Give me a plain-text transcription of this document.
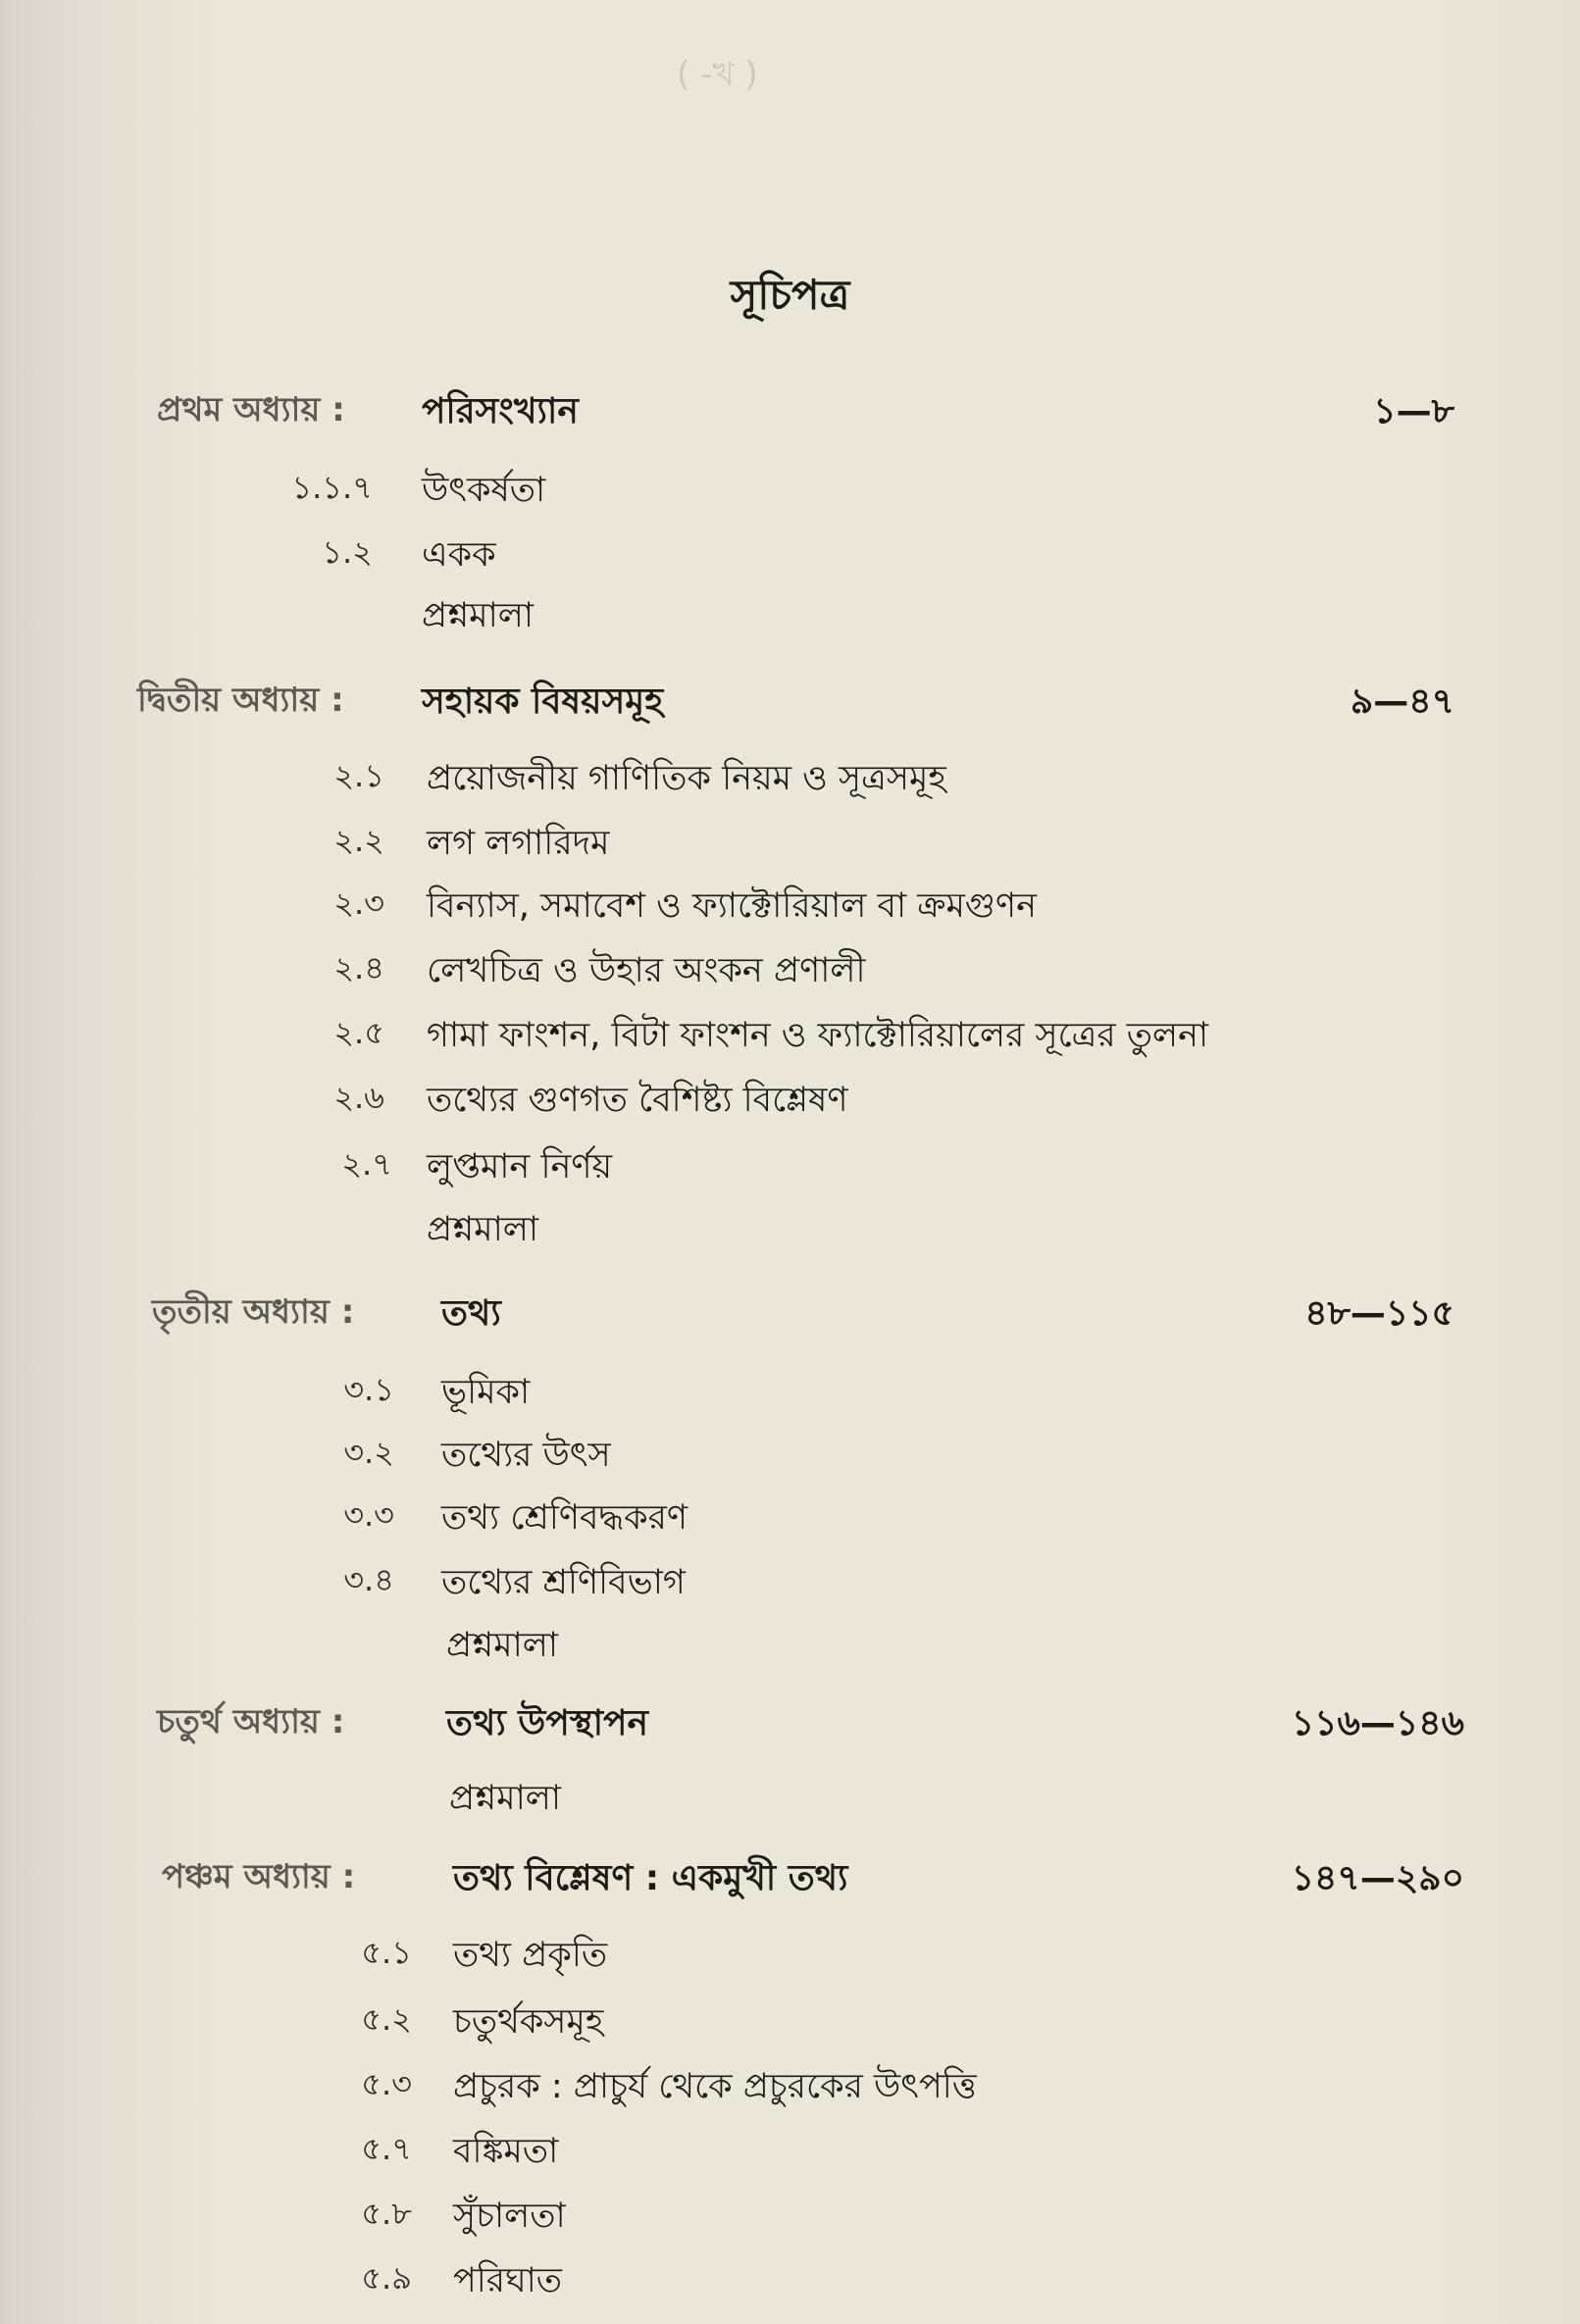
( -খ )
সূচিপত্র
প্রথম অধ্যায় : পরিসংখ্যান	১—৮
১.১.৭ উৎকর্ষতা
১.২ একক
প্রশ্নমালা
দ্বিতীয় অধ্যায় : সহায়ক বিষয়সমূহ	৯—৪৭
২.১ প্রয়োজনীয় গাণিতিক নিয়ম ও সূত্রসমূহ
২.২ লগ লগারিদম
২.৩ বিন্যাস, সমাবেশ ও ফ্যাক্টোরিয়াল বা ক্রমগুণন
২.৪ লেখচিত্র ও উহার অংকন প্রণালী
২.৫ গামা ফাংশন, বিটা ফাংশন ও ফ্যাক্টোরিয়ালের সূত্রের তুলনা
২.৬ তথ্যের গুণগত বৈশিষ্ট্য বিশ্লেষণ
২.৭ লুপ্তমান নির্ণয়
প্রশ্নমালা
তৃতীয় অধ্যায় : তথ্য	৪৮—১১৫
৩.১ ভূমিকা
৩.২ তথ্যের উৎস
৩.৩ তথ্য শ্রেণিবদ্ধকরণ
৩.৪ তথ্যের শ্রণিবিভাগ
প্রশ্নমালা
চতুর্থ অধ্যায় :	তথ্য উপস্থাপন	১১৬—১৪৬
প্রশ্নমালা
পঞ্চম অধ্যায় :	তথ্য বিশ্লেষণ : একমুখী তথ্য	১৪৭—২৯০
৫.১ তথ্য প্রকৃতি
৫.২ চতুর্থকসমূহ
৫.৩ প্রচুরক : প্রাচুর্য থেকে প্রচুরকের উৎপত্তি
৫.৭ বঙ্কিমতা
৫.৮ সুঁচালতা
৫.৯ পরিঘাত
